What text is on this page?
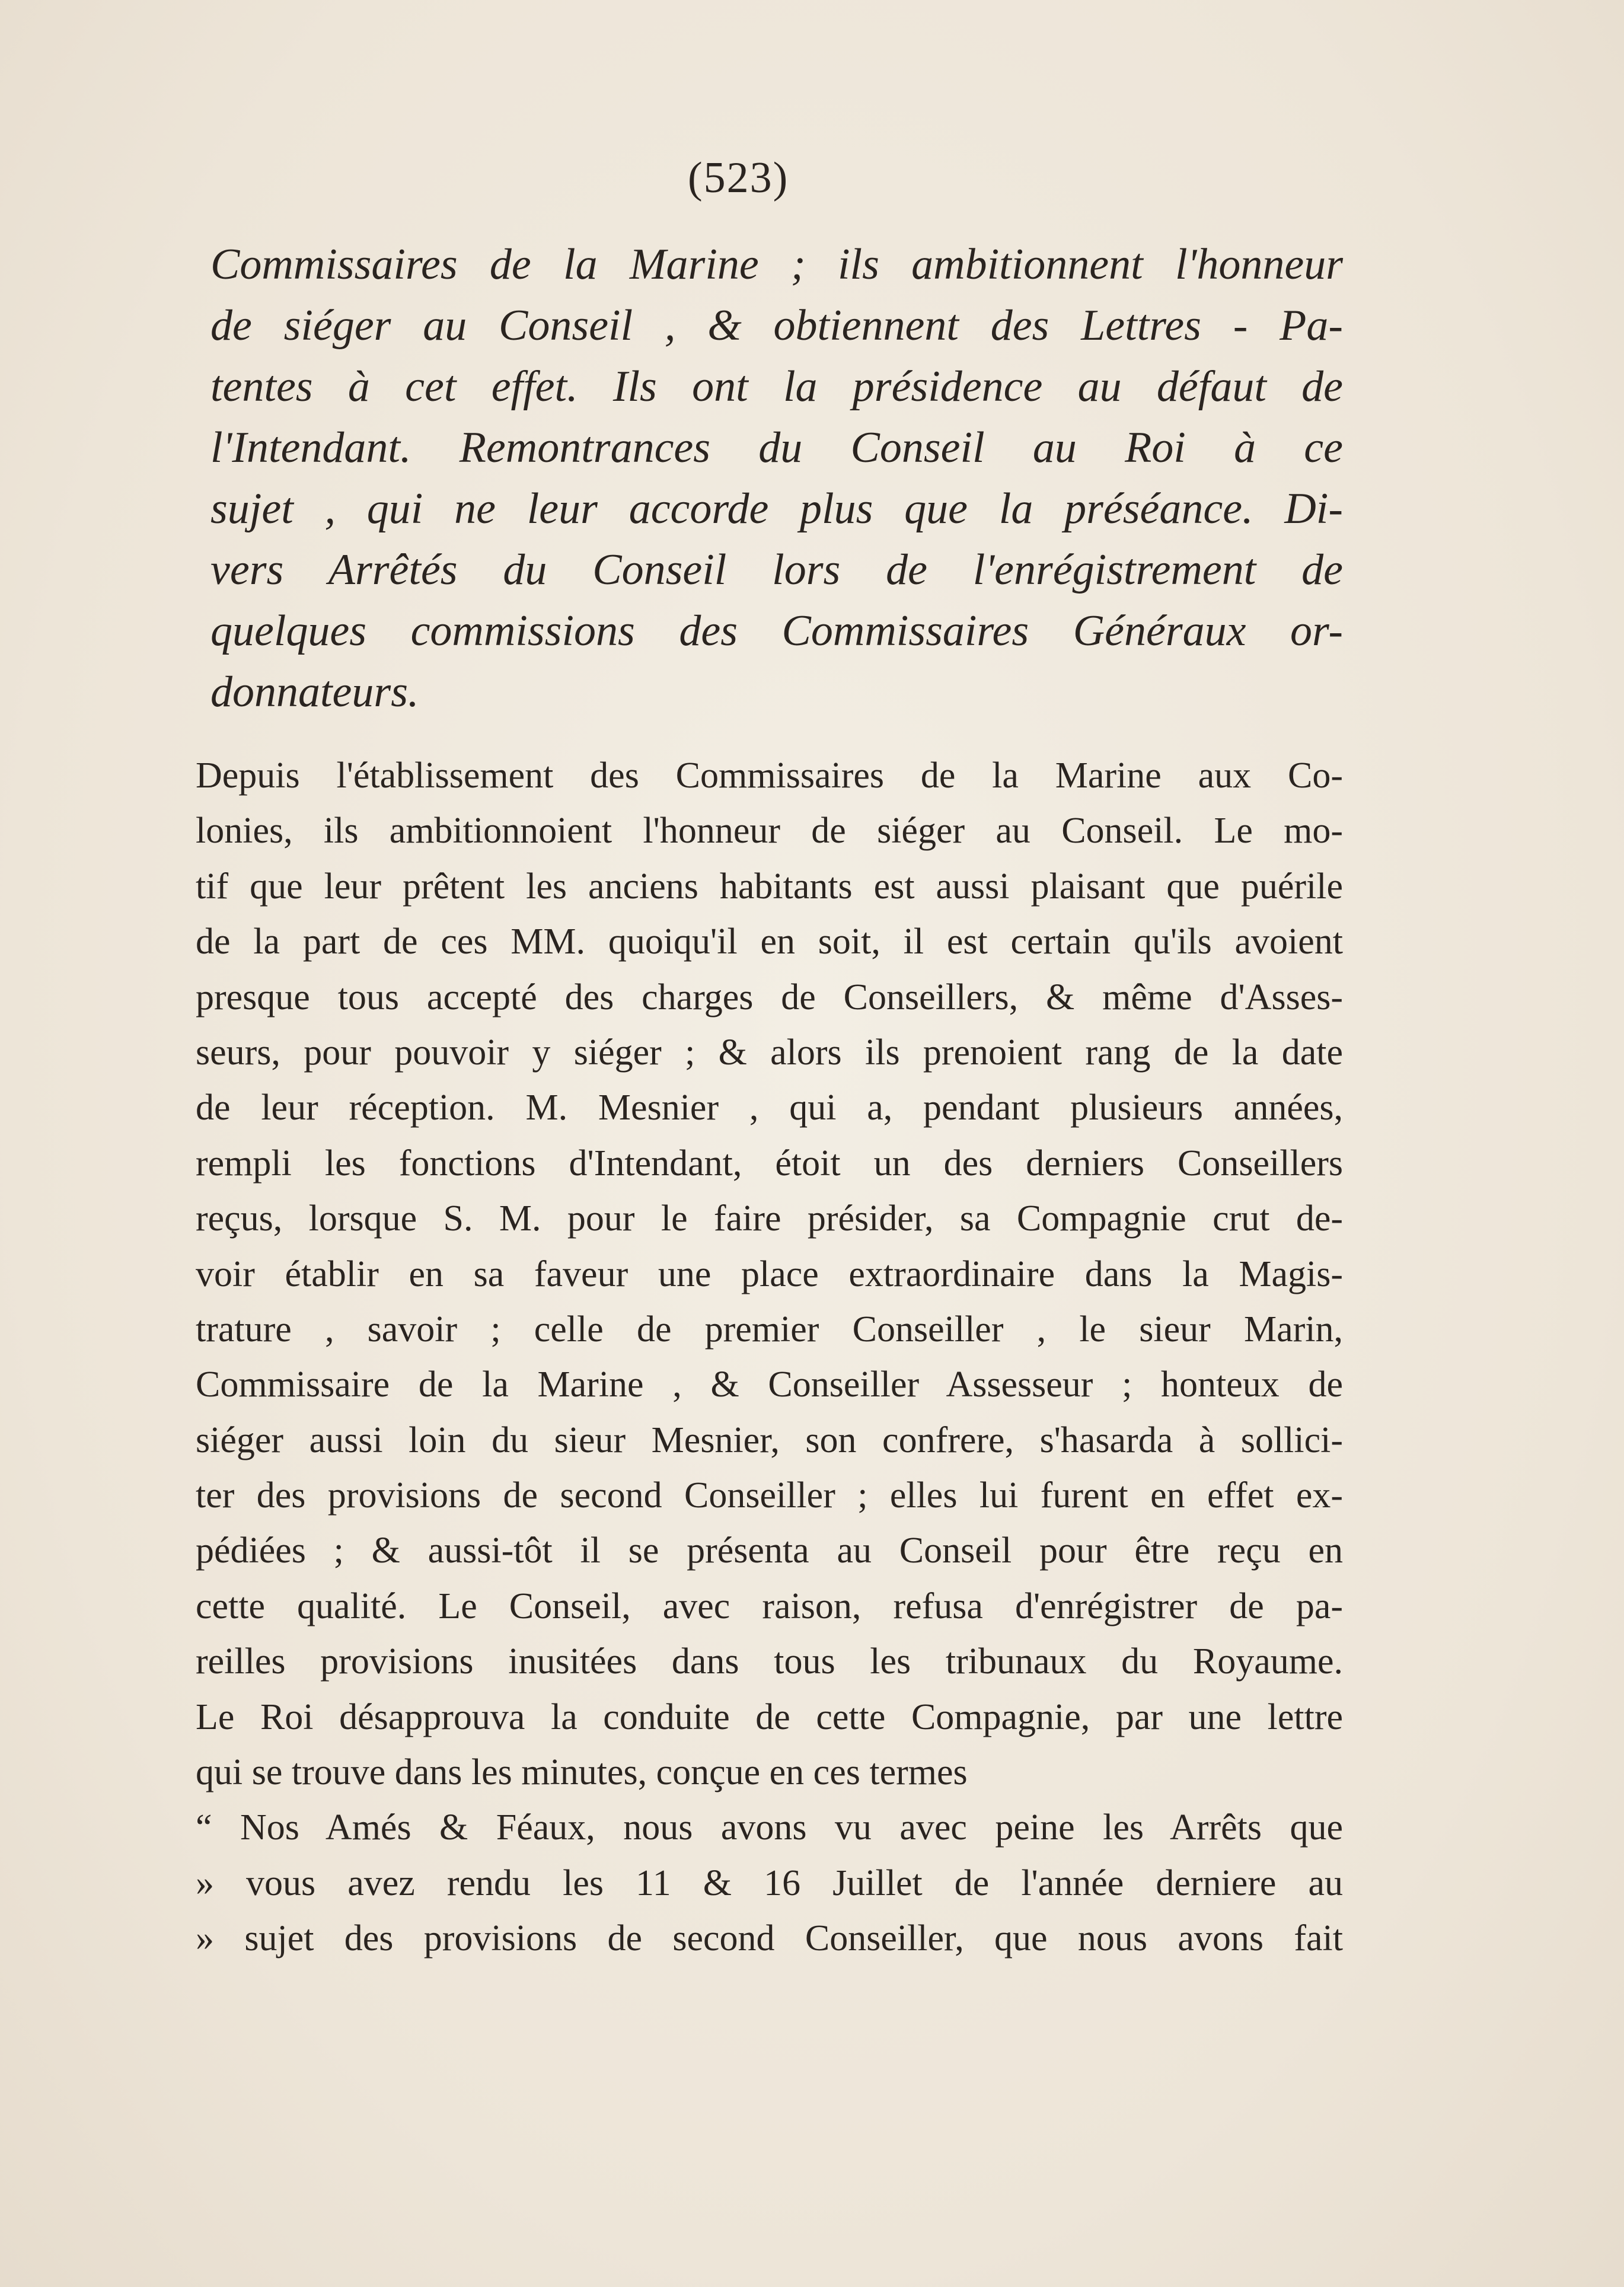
(523)
Commissaires de la Marine ; ils ambitionnent l'honneur
de siéger au Conseil , & obtiennent des Lettres - Pa-
tentes à cet effet. Ils ont la présidence au défaut de
l'Intendant. Remontrances du Conseil au Roi à ce
sujet , qui ne leur accorde plus que la préséance. Di-
vers Arrêtés du Conseil lors de l'enrégistrement de
quelques commissions des Commissaires Généraux or-
donnateurs.
Depuis l'établissement des Commissaires de la Marine aux Co-
lonies, ils ambitionnoient l'honneur de siéger au Conseil. Le mo-
tif que leur prêtent les anciens habitants est aussi plaisant que puérile
de la part de ces MM. quoiqu'il en soit, il est certain qu'ils avoient
presque tous accepté des charges de Conseillers, & même d'Asses-
seurs, pour pouvoir y siéger ; & alors ils prenoient rang de la date
de leur réception. M. Mesnier , qui a, pendant plusieurs années,
rempli les fonctions d'Intendant, étoit un des derniers Conseillers
reçus, lorsque S. M. pour le faire présider, sa Compagnie crut de-
voir établir en sa faveur une place extraordinaire dans la Magis-
trature , savoir ; celle de premier Conseiller , le sieur Marin,
Commissaire de la Marine , & Conseiller Assesseur ; honteux de
siéger aussi loin du sieur Mesnier, son confrere, s'hasarda à sollici-
ter des provisions de second Conseiller ; elles lui furent en effet ex-
pédiées ; & aussi-tôt il se présenta au Conseil pour être reçu en
cette qualité. Le Conseil, avec raison, refusa d'enrégistrer de pa-
reilles provisions inusitées dans tous les tribunaux du Royaume.
Le Roi désapprouva la conduite de cette Compagnie, par une lettre
qui se trouve dans les minutes, conçue en ces termes
“ Nos Amés & Féaux, nous avons vu avec peine les Arrêts que
» vous avez rendu les 11 & 16 Juillet de l'année derniere au
» sujet des provisions de second Conseiller, que nous avons fait
